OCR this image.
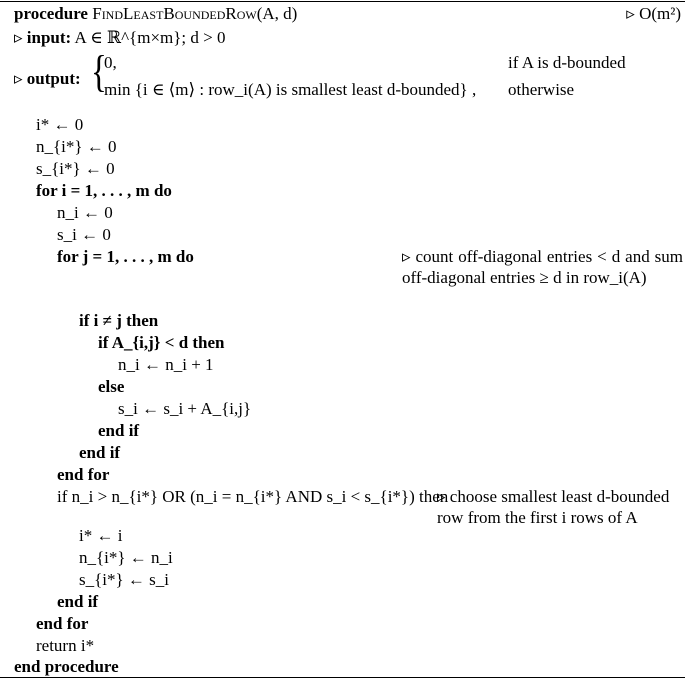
procedure FindLeastBoundedRow(A, d)	▹ O(m²)
▹ input: A ∈ ℝ^{m×m}; d > 0
▹ output: {
0,	if A is d-bounded
min {i ∈ ⟨m⟩ : row_i(A) is smallest least d-bounded} , otherwise
i* ← 0
n_{i*} ← 0
s_{i*} ← 0
for i = 1, . . . , m do
n_i ← 0
s_i ← 0
for j = 1, . . . , m do	▹ count off-diagonal entries < d and sum off-diagonal entries ≥ d in row_i(A)
if i ≠ j then
if A_{i,j} < d then
n_i ← n_i + 1
else
s_i ← s_i + A_{i,j}
end if
end if
end for
if n_i > n_{i*} OR (n_i = n_{i*} AND s_i < s_{i*}) then
▹ choose smallest least d-bounded row from the first i rows of A
i* ← i
n_{i*} ← n_i
s_{i*} ← s_i
end if
end for
return i*
end procedure
